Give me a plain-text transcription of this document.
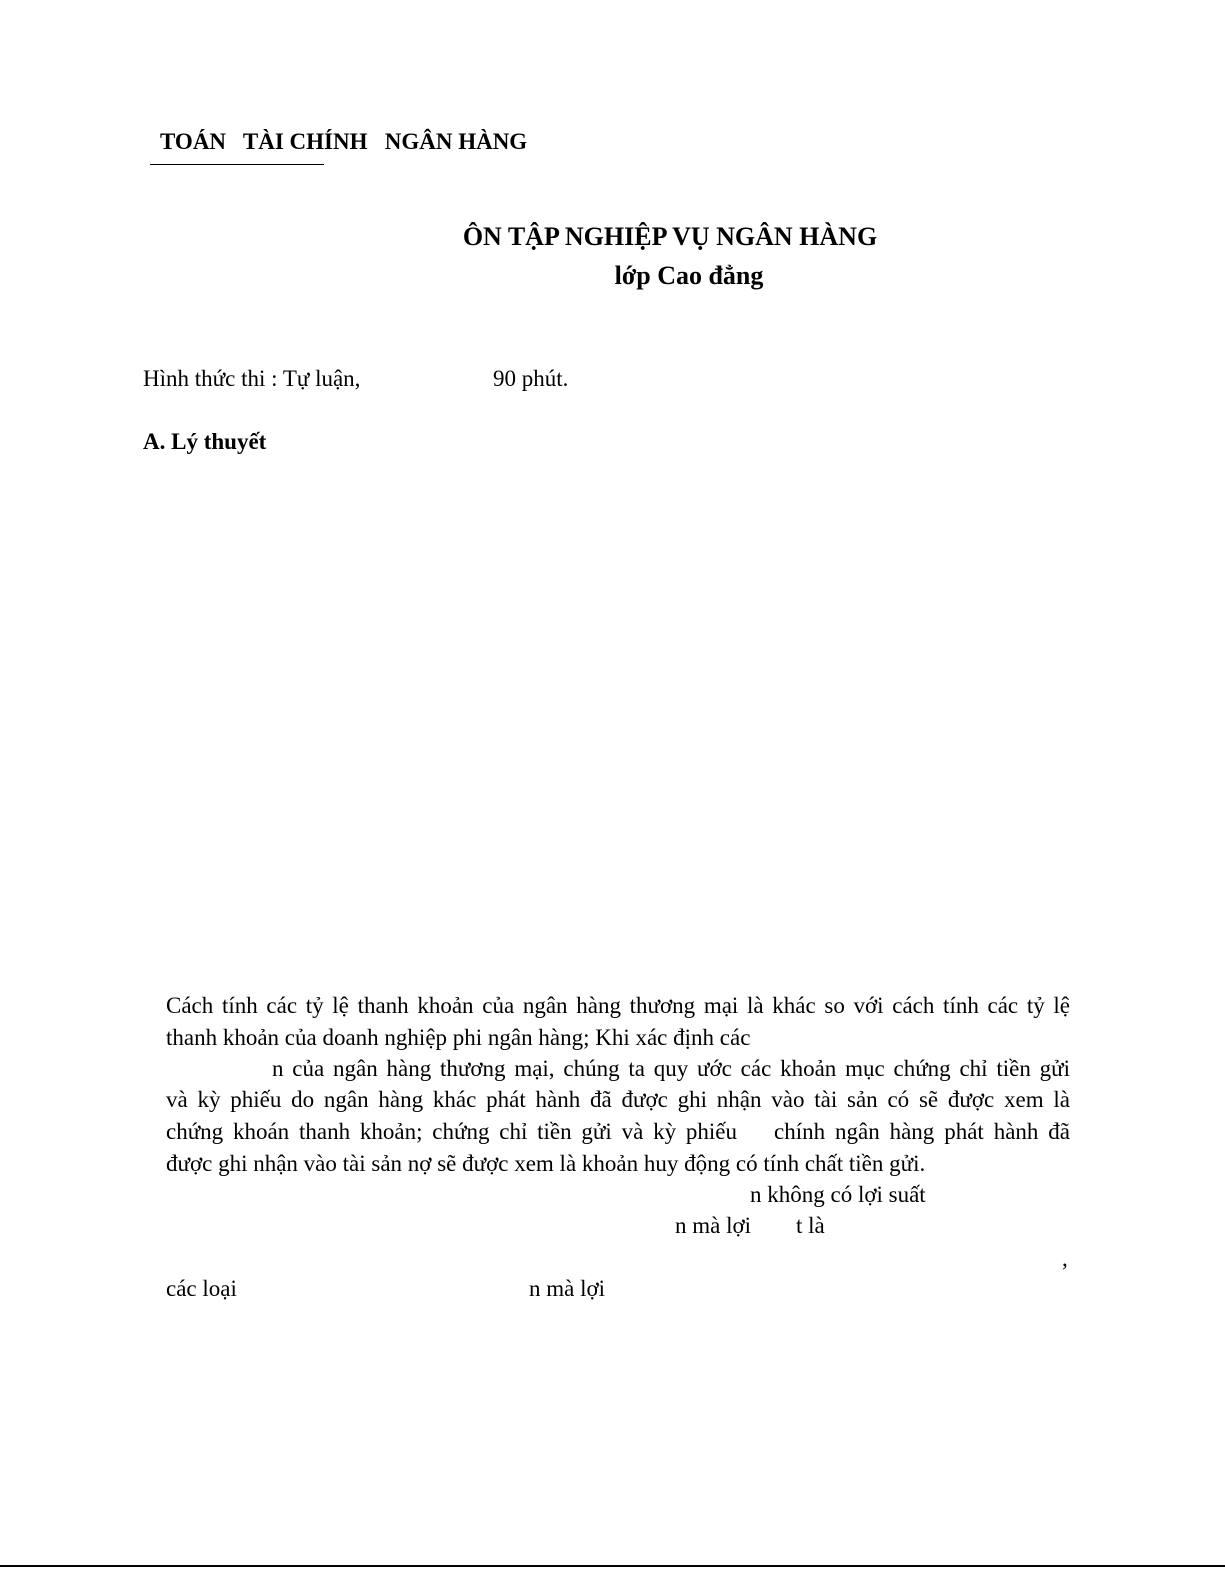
TOÁN   TÀI CHÍNH   NGÂN HÀNG
ÔN TẬP NGHIỆP VỤ NGÂN HÀNG
lớp Cao đẳng
Hình thức thi : Tự luận,	90 phút.
A. Lý thuyết
Cách tính các tỷ lệ thanh khoản của ngân hàng thương mại là khác so với cách tính các tỷ lệ
thanh khoản của doanh nghiệp phi ngân hàng; Khi xác định các
n của ngân hàng thương mại, chúng ta quy ước các khoản mục chứng chỉ tiền gửi
và kỳ phiếu do ngân hàng khác phát hành đã được ghi nhận vào tài sản có sẽ được xem là
chứng khoán thanh khoản; chứng chỉ tiền gửi và kỳ phiếu chính ngân hàng phát hành đã
được ghi nhận vào tài sản nợ sẽ được xem là khoản huy động có tính chất tiền gửi.
n không có lợi suất
n mà lợi t là
,
các loại	n mà lợi
